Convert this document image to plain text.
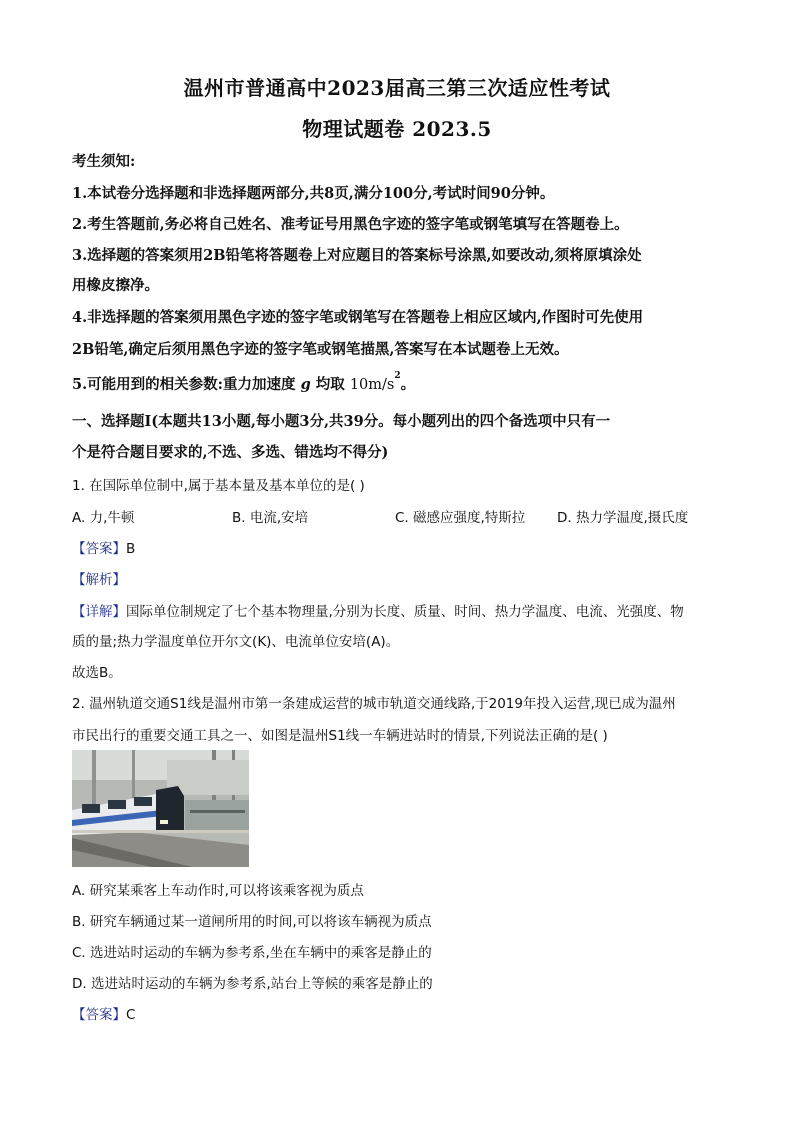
温州市普通高中2023届高三第三次适应性考试
物理试题卷 2023.5
考生须知:
1.本试卷分选择题和非选择题两部分,共8页,满分100分,考试时间90分钟。
2.考生答题前,务必将自己姓名、准考证号用黑色字迹的签字笔或钢笔填写在答题卷上。
3.选择题的答案须用2B铅笔将答题卷上对应题目的答案标号涂黑,如要改动,须将原填涂处
用橡皮擦净。
4.非选择题的答案须用黑色字迹的签字笔或钢笔写在答题卷上相应区域内,作图时可先使用
2B铅笔,确定后须用黑色字迹的签字笔或钢笔描黑,答案写在本试题卷上无效。
5.可能用到的相关参数:重力加速度 g 均取 $10m/s^2$。
一、选择题Ⅰ(本题共13小题,每小题3分,共39分。每小题列出的四个备选项中只有一
个是符合题目要求的,不选、多选、错选均不得分)
1. 在国际单位制中,属于基本量及基本单位的是( )
A. 力,牛顿	B. 电流,安培	C. 磁感应强度,特斯拉 D. 热力学温度,摄氏度
【答案】B
【解析】
【详解】国际单位制规定了七个基本物理量,分别为长度、质量、时间、热力学温度、电流、光强度、物
质的量;热力学温度单位开尔文(K)、电流单位安培(A)。
故选B。
2. 温州轨道交通S1线是温州市第一条建成运营的城市轨道交通线路,于2019年投入运营,现已成为温州
市民出行的重要交通工具之一、如图是温州S1线一车辆进站时的情景,下列说法正确的是( )
A. 研究某乘客上车动作时,可以将该乘客视为质点
B. 研究车辆通过某一道闸所用的时间,可以将该车辆视为质点
C. 选进站时运动的车辆为参考系,坐在车辆中的乘客是静止的
D. 选进站时运动的车辆为参考系,站台上等候的乘客是静止的
【答案】C
